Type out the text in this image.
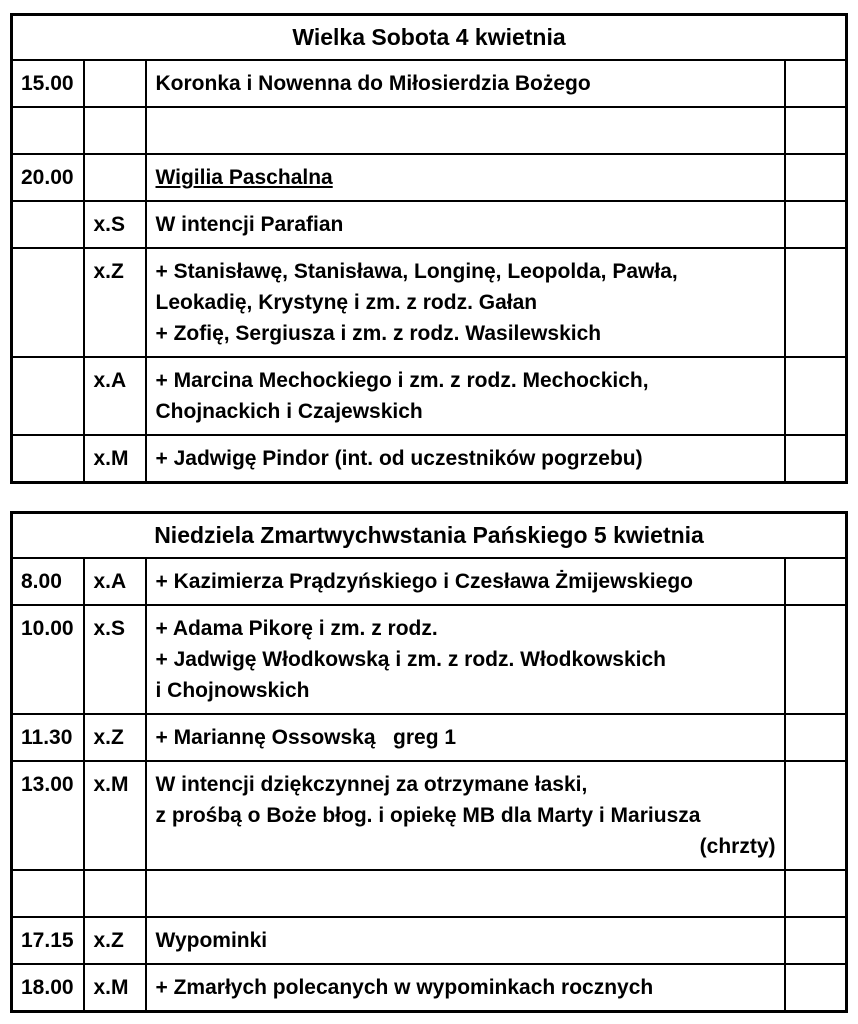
Wielka Sobota 4 kwietnia			
15.00		Koronka i Nowenna do Miłosierdzia Bożego	

20.00		Wigilia Paschalna	

	x.S	W intencji Parafian	

	x.Z	+ Stanisławę, Stanisława, Longinę, Leopolda, Pawła,
Leokadię, Krystynę i zm. z rodz. Gałan
+ Zofię, Sergiusza i zm. z rodz. Wasilewskich	

	x.A	+ Marcina Mechockiego i zm. z rodz. Mechockich,
Chojnackich i Czajewskich	

	x.M	+ Jadwigę Pindor (int. od uczestników pogrzebu)	

Niedziela Zmartwychwstania Pańskiego 5 kwietnia			
8.00	x.A	+ Kazimierza Prądzyńskiego i Czesława Żmijewskiego	

10.00	x.S	+ Adama Pikorę i zm. z rodz.
+ Jadwigę Włodkowską i zm. z rodz. Włodkowskich
i Chojnowskich	

11.30	x.Z	+ Mariannę Ossowską   greg 1	

13.00	x.M	W intencji dziękczynnej za otrzymane łaski,
z prośbą o Boże błog. i opiekę MB dla Marty i Mariusza
(chrzty)	

17.15	x.Z	Wypominki	

18.00	x.M	+ Zmarłych polecanych w wypominkach rocznych	
